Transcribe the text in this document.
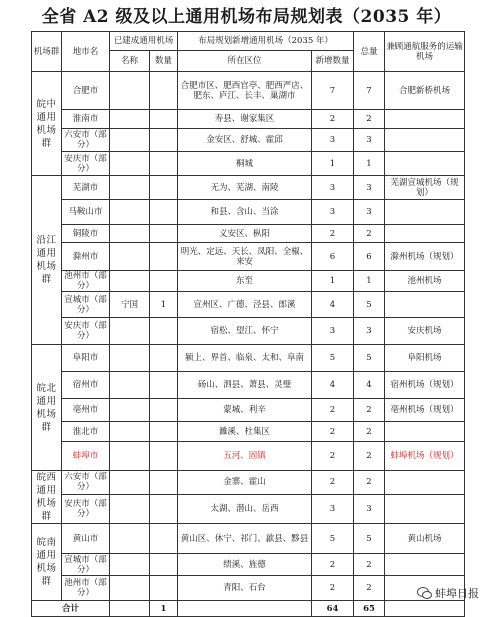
全省 A2 级及以上通用机场布局规划表（2035 年）
机场群	地市名	已建成通用机场		布局规划新增通用机场（2035 年）		总量	兼顾通航服务的运输机场
		名称	数量	所在区位	新增数量		
皖中通用机场群	合肥市			合肥市区、肥西官亭、肥西严店、肥东、庐江、长丰、巢湖市	7	7	合肥新桥机场
	淮南市			寿县、谢家集区	2	2	
	六安市（部分）			金安区、舒城、霍邱	3	3	
	安庆市（部分）			桐城	1	1	
沿江通用机场群	芜湖市			无为、芜湖、南陵	3	3	芜湖宣城机场（规划）
	马鞍山市			和县、含山、当涂	3	3	
	铜陵市			义安区、枞阳	2	2	
	滁州市			明光、定远、天长、凤阳、全椒、来安	6	6	滁州机场（规划）
	池州市（部分）			东至	1	1	池州机场
	宣城市（部分）	宁国	1	宣州区、广德、泾县、郎溪	4	5	
	安庆市（部分）			宿松、望江、怀宁	3	3	安庆机场
皖北通用机场群	阜阳市			颍上、界首、临泉、太和、阜南	5	5	阜阳机场
	宿州市			砀山、泗县、萧县、灵璧	4	4	宿州机场（规划）
	亳州市			蒙城、利辛	2	2	亳州机场（规划）
	淮北市			濉溪、杜集区	2	2	
	蚌埠市			五河、固镇	2	2	蚌埠机场（规划）
皖西通用机场群	六安市（部分）			金寨、霍山	2	2	
	安庆市（部分）			太湖、潜山、岳西	3	3	
皖南通用机场群	黄山市			黄山区、休宁、祁门、歙县、黟县	5	5	黄山机场
	宣城市（部分）			绩溪、旌德	2	2	
	池州市（部分）			青阳、石台	2	2	
合计			1		64	65	
蚌埠日报
